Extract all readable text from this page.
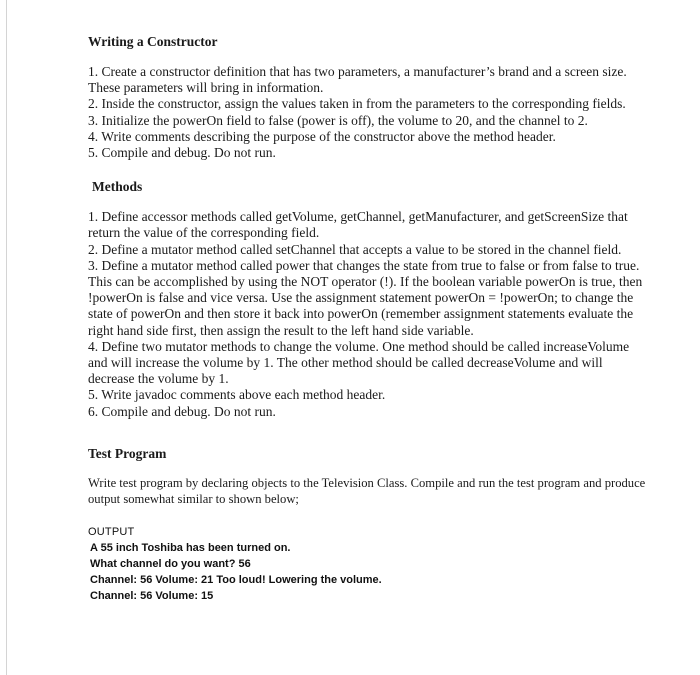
Writing a Constructor
1. Create a constructor definition that has two parameters, a manufacturer’s brand and a screen size. These parameters will bring in information.
2. Inside the constructor, assign the values taken in from the parameters to the corresponding fields.
3. Initialize the powerOn field to false (power is off), the volume to 20, and the channel to 2.
4. Write comments describing the purpose of the constructor above the method header.
5. Compile and debug. Do not run.
Methods
1. Define accessor methods called getVolume, getChannel, getManufacturer, and getScreenSize that return the value of the corresponding field.
2. Define a mutator method called setChannel that accepts a value to be stored in the channel field.
3. Define a mutator method called power that changes the state from true to false or from false to true. This can be accomplished by using the NOT operator (!). If the boolean variable powerOn is true, then !powerOn is false and vice versa. Use the assignment statement powerOn = !powerOn; to change the state of powerOn and then store it back into powerOn (remember assignment statements evaluate the right hand side first, then assign the result to the left hand side variable.
4. Define two mutator methods to change the volume. One method should be called increaseVolume and will increase the volume by 1. The other method should be called decreaseVolume and will decrease the volume by 1.
5. Write javadoc comments above each method header.
6. Compile and debug. Do not run.
Test Program

Write test program by declaring objects to the Television Class. Compile and run the test program and produce output somewhat similar to shown below;

OUTPUT
A 55 inch Toshiba has been turned on.
What channel do you want? 56
Channel: 56 Volume: 21 Too loud! Lowering the volume.
Channel: 56 Volume: 15
